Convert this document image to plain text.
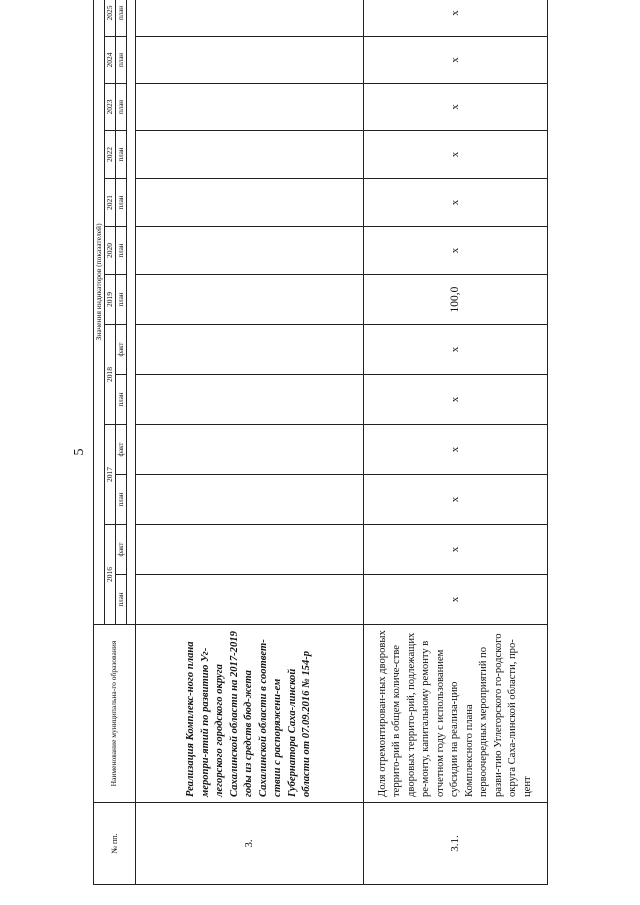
5
№ пп.	Наименование муниципальна-го образования	Значения индикаторов (показателей)													
		2016		2017		2018		2019	2020	2021	2022	2023	2024	2025	
		план	факт	план	факт	план	факт	план	план	план	план	план	план	план	

3.	Реализация Комплекс-ного плана меропри-ятий по развитию Уг-легорского городского округа Сахалинской области на 2017-2019 годы из средств бюд-жета Сахалинской области в соответ-ствии с распоряжени-ем Губернатора Саха-линской области от 07.09.2016 № 154-р														
3.1.	Доля отремонтирован-ных дворовых террито-рий в общем количе-стве дворовых террито-рий, подлежащих ре-монту, капитальному ремонту в отчетном году с использованием субсидии на реализа-цию Комплексного плана первоочередных мероприятий по разви-тию Углегорского го-родского округа Саха-линской области, про-цент	x	x	x	x	x	x	100,0	x	x	x	x	x	x	
